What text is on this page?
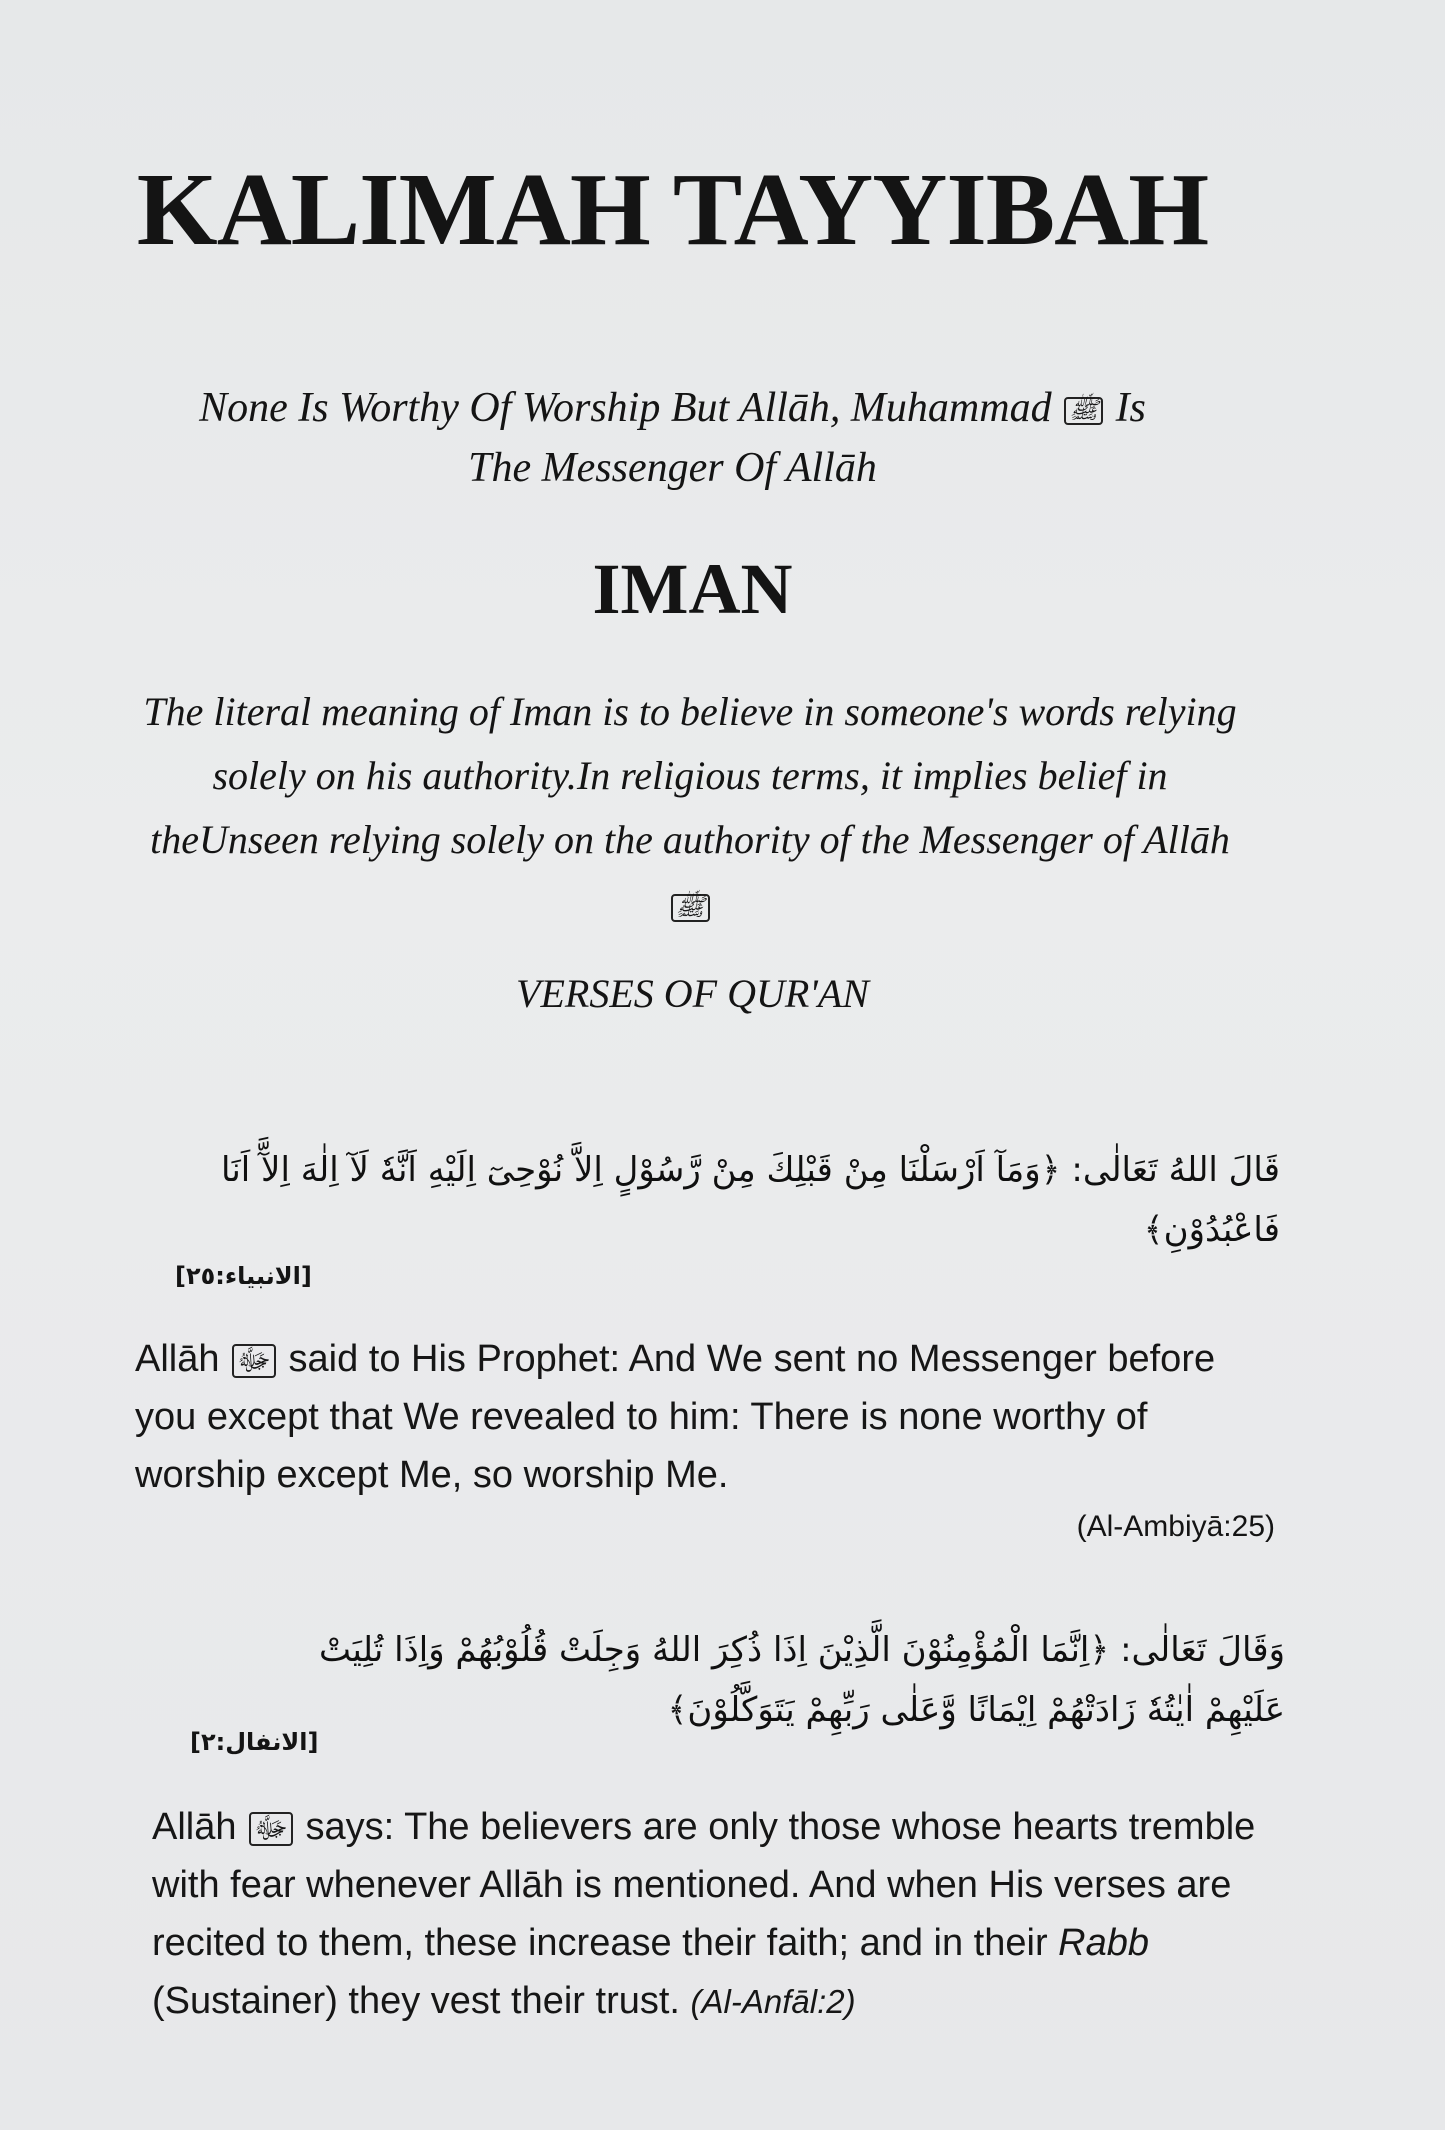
KALIMAH TAYYIBAH
None Is Worthy Of Worship But Allāh, Muhammad ﷺ Is
The Messenger Of Allāh
IMAN
The literal meaning of Iman is to believe in someone's words relying solely on his authority.In religious terms, it implies belief in theUnseen relying solely on the authority of the Messenger of Allāh ﷺ
VERSES OF QUR'AN
قَالَ اللهُ تَعَالٰى: ﴿وَمَآ اَرْسَلْنَا مِنْ قَبْلِكَ مِنْ رَّسُوْلٍ اِلاَّ نُوْحِىٓ اِلَيْهِ اَنَّهٗ لَآ اِلٰهَ اِلآَّ اَنَا
فَاعْبُدُوْنِ﴾
[الانبياء:٢٥]
Allāh ﷻ said to His Prophet: And We sent no Messenger before you except that We revealed to him: There is none worthy of worship except Me, so worship Me.
(Al-Ambiyā:25)
وَقَالَ تَعَالٰى: ﴿اِنَّمَا الْمُؤْمِنُوْنَ الَّذِيْنَ اِذَا ذُكِرَ اللهُ وَجِلَتْ قُلُوْبُهُمْ وَاِذَا تُلِيَتْ
عَلَيْهِمْ اٰيٰتُهٗ زَادَتْهُمْ اِيْمَانًا وَّعَلٰى رَبِّهِمْ يَتَوَكَّلُوْنَ﴾
[الانفال:٢]
Allāh ﷻ says: The believers are only those whose hearts tremble with fear whenever Allāh is mentioned. And when His verses are recited to them, these increase their faith; and in their Rabb (Sustainer) they vest their trust. (Al-Anfāl:2)
